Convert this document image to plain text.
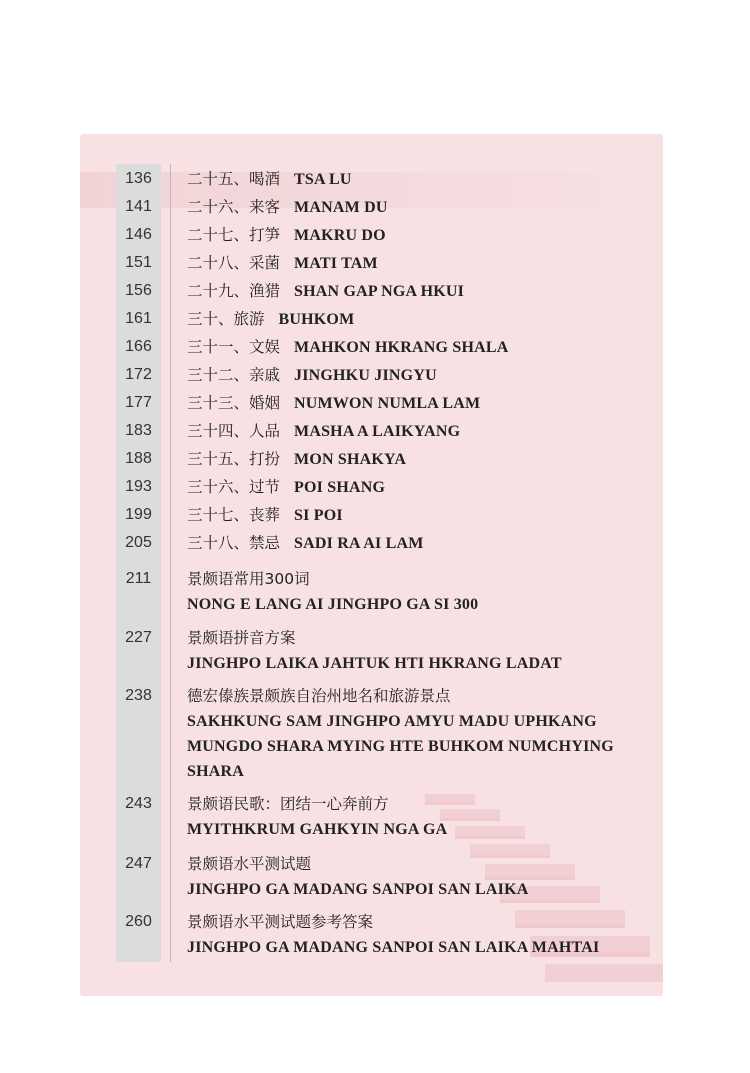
136	二十五、喝酒 TSA LU
141	二十六、来客 MANAM DU
146	二十七、打笋 MAKRU DO
151	二十八、采菌 MATI TAM
156	二十九、渔猎 SHAN GAP NGA HKUI
161	三十、旅游 BUHKOM
166	三十一、文娱 MAHKON HKRANG SHALA
172	三十二、亲戚 JINGHKU JINGYU
177	三十三、婚姻 NUMWON NUMLA LAM
183	三十四、人品 MASHA A LAIKYANG
188	三十五、打扮 MON SHAKYA
193	三十六、过节 POI SHANG
199	三十七、丧葬 SI POI
205	三十八、禁忌 SADI RA AI LAM
211	景颇语常用300词
NONG E LANG AI JINGHPO GA SI 300
227	景颇语拼音方案
JINGHPO LAIKA JAHTUK HTI HKRANG LADAT
238	德宏傣族景颇族自治州地名和旅游景点
SAKHKUNG SAM JINGHPO AMYU MADU UPHKANG MUNGDO SHARA MYING HTE BUHKOM NUMCHYING SHARA
243	景颇语民歌：团结一心奔前方
MYITHKRUM GAHKYIN NGA GA
247	景颇语水平测试题
JINGHPO GA MADANG SANPOI SAN LAIKA
260	景颇语水平测试题参考答案
JINGHPO GA MADANG SANPOI SAN LAIKA MAHTAI
